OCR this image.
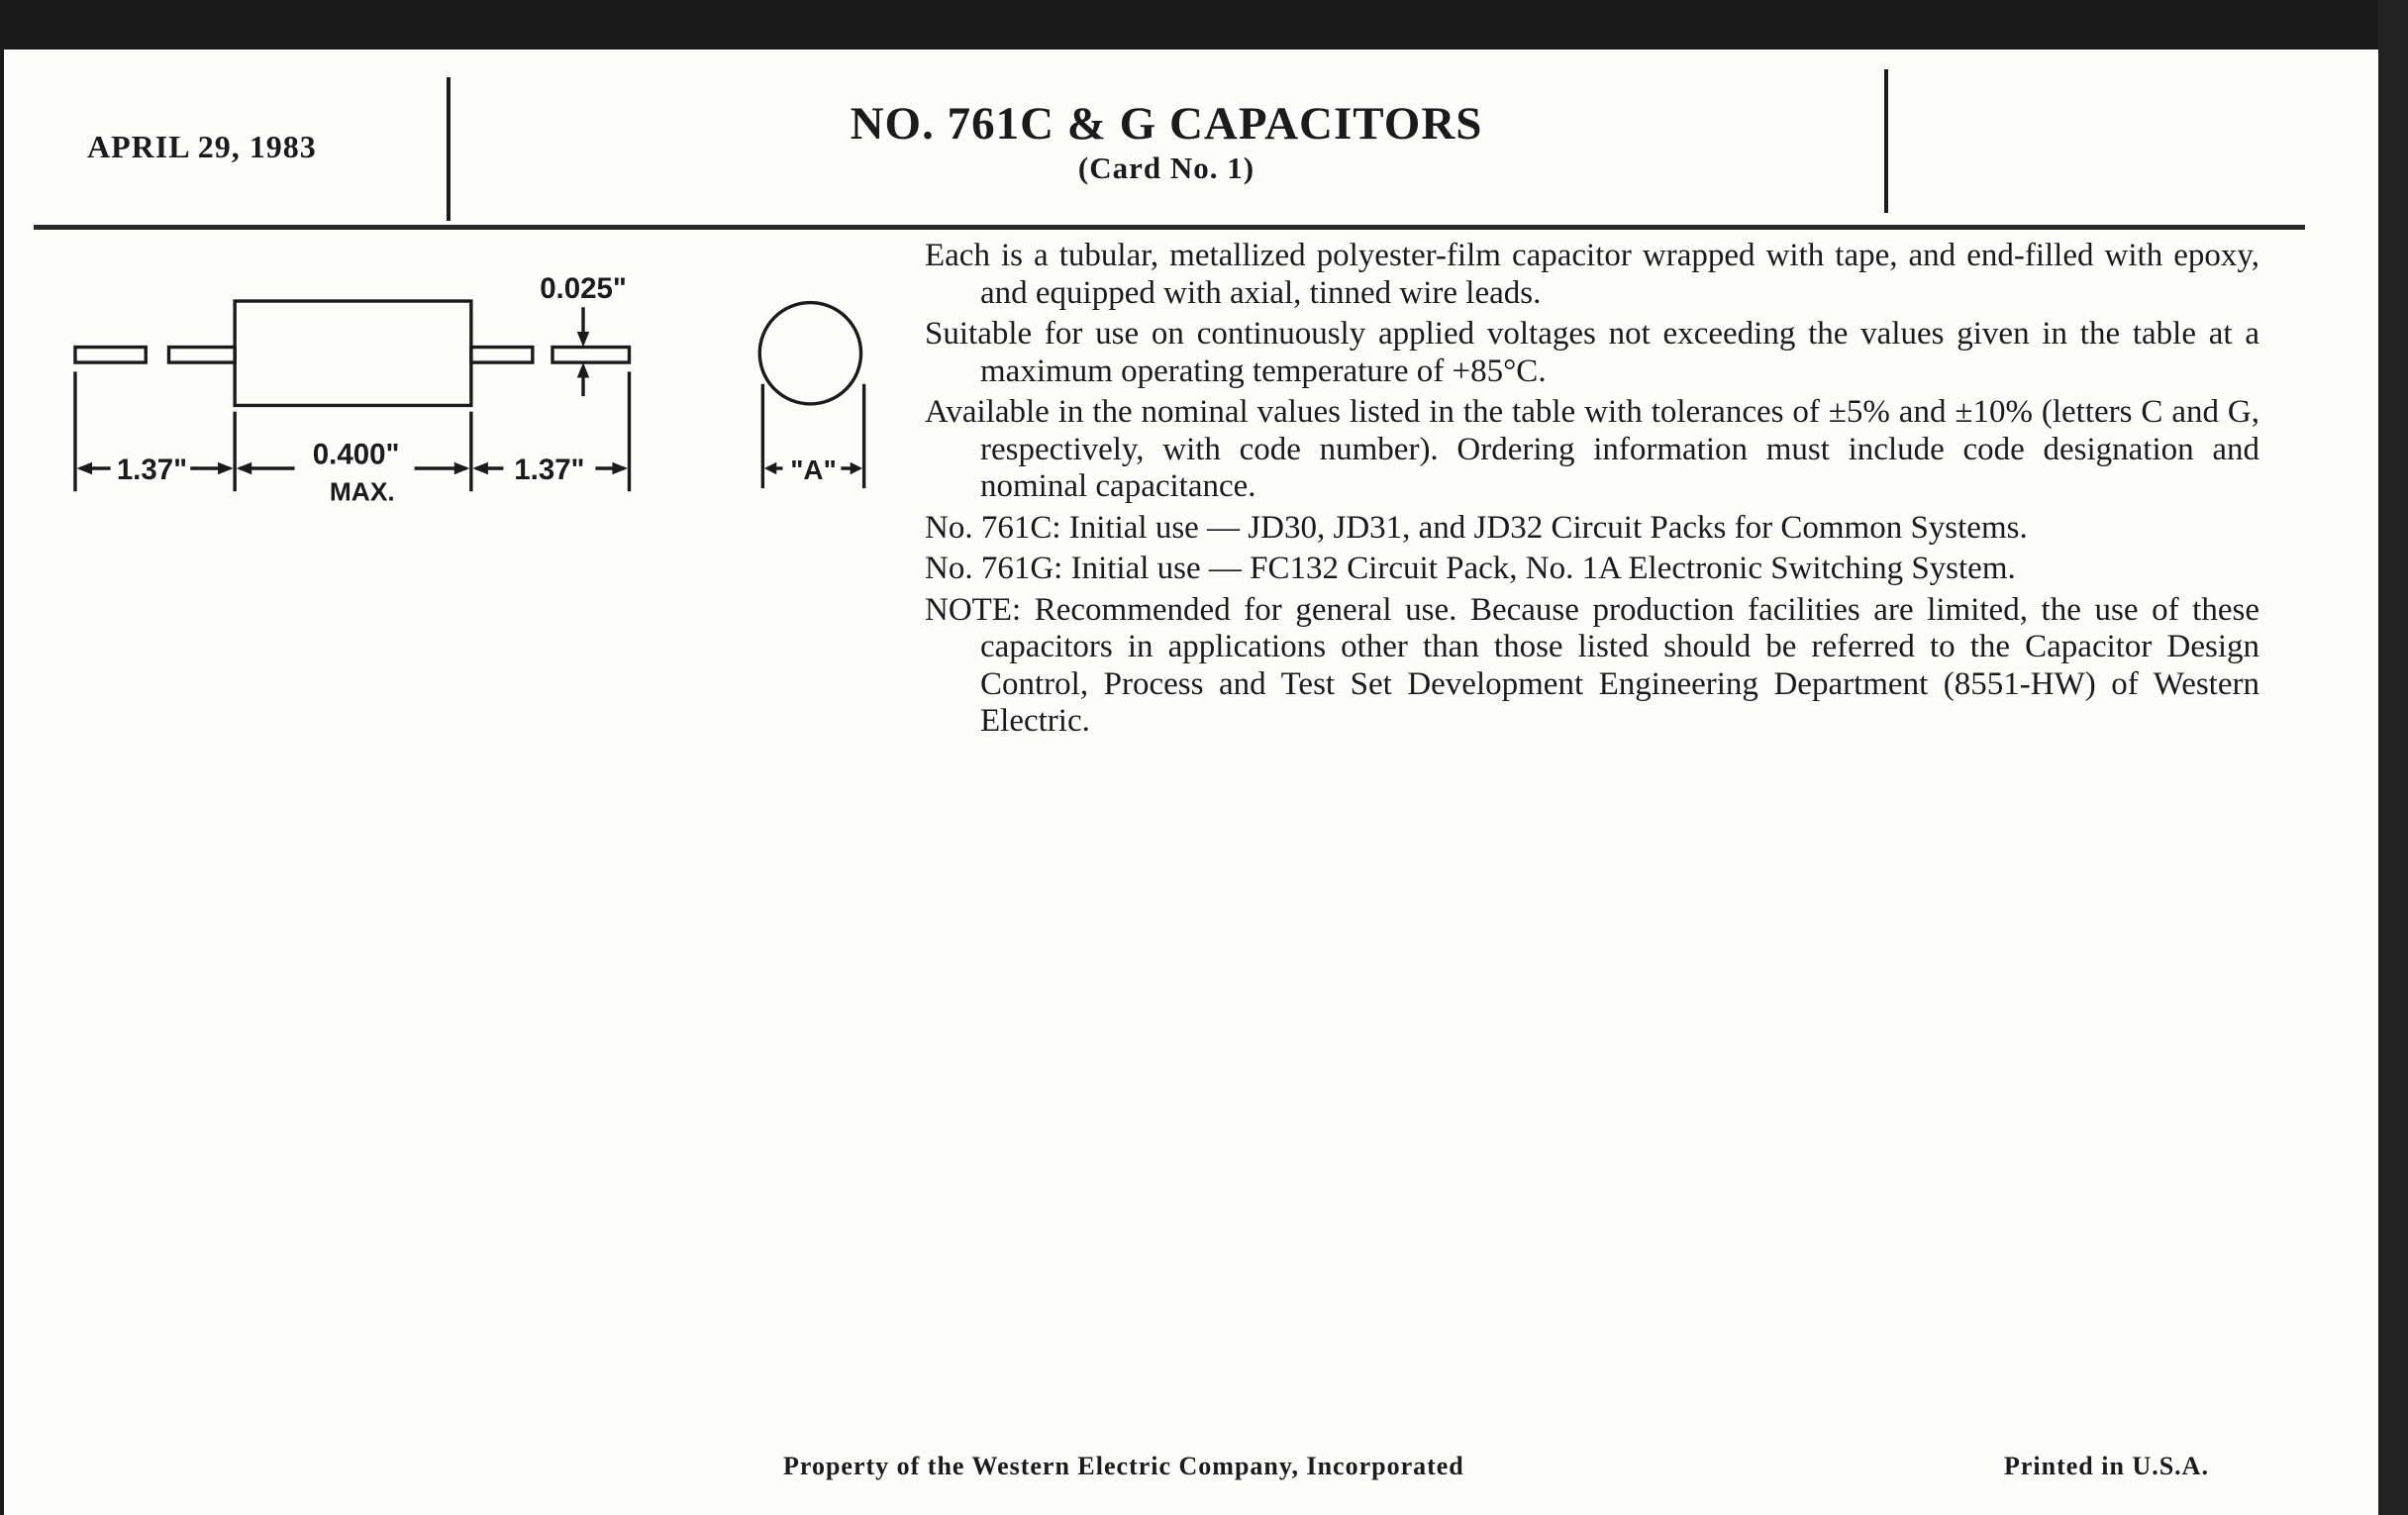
APRIL 29, 1983	NO. 761C & G CAPACITORS
(Card No. 1)
0.025"
1.37"	0.400"
MAX.
1.37"	"A"

Each is a tubular, metallized polyester-film capacitor wrapped with tape, and end-filled with epoxy, and equipped with axial, tinned wire leads.

Suitable for use on continuously applied voltages not exceeding the values given in the table at a maximum operating temperature of +85°C.

Available in the nominal values listed in the table with tolerances of ±5% and ±10% (letters C and G, respectively, with code number). Ordering information must include code designation and nominal capacitance.

No. 761C: Initial use — JD30, JD31, and JD32 Circuit Packs for Common Systems.

No. 761G: Initial use — FC132 Circuit Pack, No. 1A Electronic Switching System.

NOTE: Recommended for general use. Because production facilities are limited, the use of these capacitors in applications other than those listed should be referred to the Capacitor Design Control, Process and Test Set Development Engineering Department (8551-HW) of Western Electric.

Property of the Western Electric Company, Incorporated	Printed in U.S.A.
